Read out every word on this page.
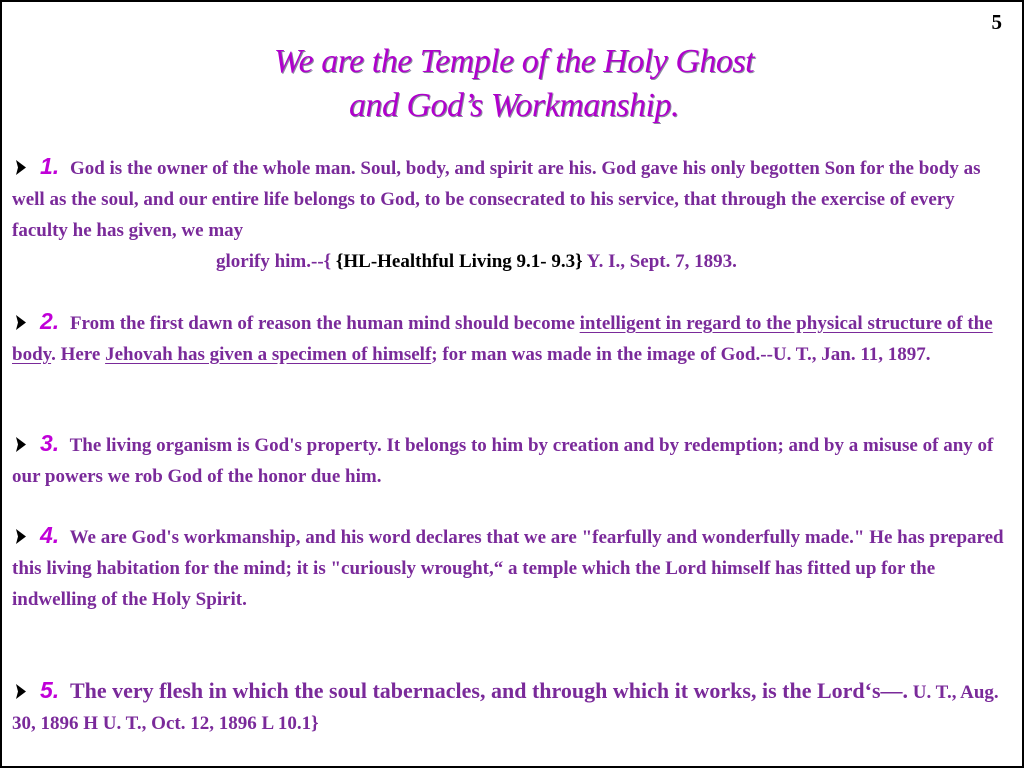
5
We are the Temple of the Holy Ghost
and God’s Workmanship.
1. God is the owner of the whole man. Soul, body, and spirit are his. God gave his only begotten Son for the body as well as the soul, and our entire life belongs to God, to be consecrated to his service, that through the exercise of every faculty he has given, we may
glorify him.--{ {HL-Healthful Living 9.1- 9.3} Y. I., Sept. 7, 1893.
2. From the first dawn of reason the human mind should become intelligent in regard to the physical structure of the body. Here Jehovah has given a specimen of himself; for man was made in the image of God.--U. T., Jan. 11, 1897.
3. The living organism is God's property. It belongs to him by creation and by redemption; and by a misuse of any of our powers we rob God of the honor due him.
4. We are God's workmanship, and his word declares that we are "fearfully and wonderfully made." He has prepared this living habitation for the mind; it is "curiously wrought,“ a temple which the Lord himself has fitted up for the indwelling of the Holy Spirit.
5. The very flesh in which the soul tabernacles, and through which it works, is the Lord‘s—. U. T., Aug. 30, 1896 H U. T., Oct. 12, 1896 L 10.1}
